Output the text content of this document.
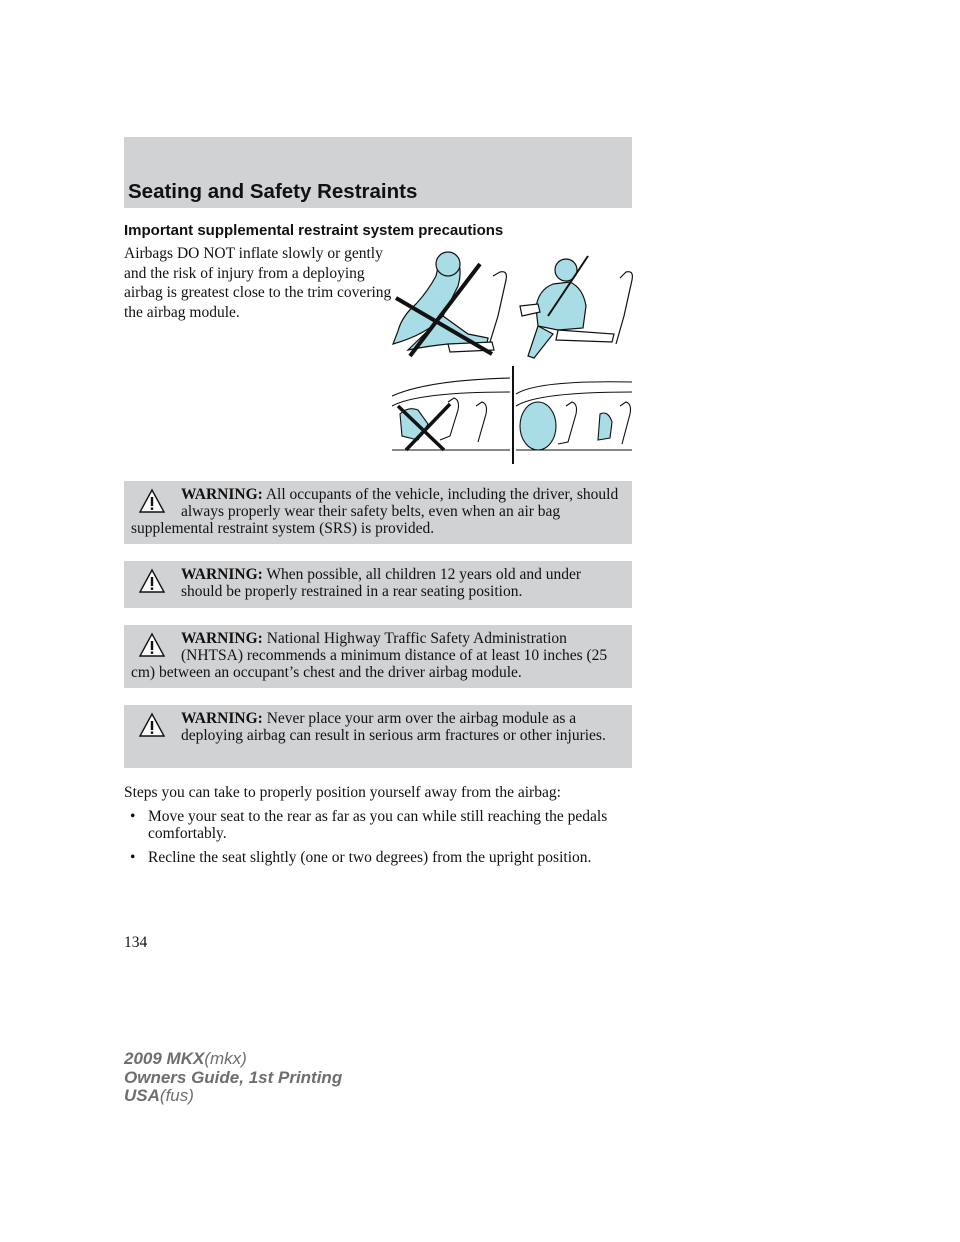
Seating and Safety Restraints
Important supplemental restraint system precautions
Airbags DO NOT inflate slowly or gently and the risk of injury from a deploying airbag is greatest close to the trim covering the airbag module.
WARNING: All occupants of the vehicle, including the driver, should always properly wear their safety belts, even when an air bag supplemental restraint system (SRS) is provided.
WARNING: When possible, all children 12 years old and under should be properly restrained in a rear seating position.
WARNING: National Highway Traffic Safety Administration (NHTSA) recommends a minimum distance of at least 10 inches (25 cm) between an occupant’s chest and the driver airbag module.
WARNING: Never place your arm over the airbag module as a deploying airbag can result in serious arm fractures or other injuries.
Steps you can take to properly position yourself away from the airbag:
• Move your seat to the rear as far as you can while still reaching the pedals comfortably.
• Recline the seat slightly (one or two degrees) from the upright position.
134
2009 MKX(mkx)
Owners Guide, 1st Printing
USA(fus)
